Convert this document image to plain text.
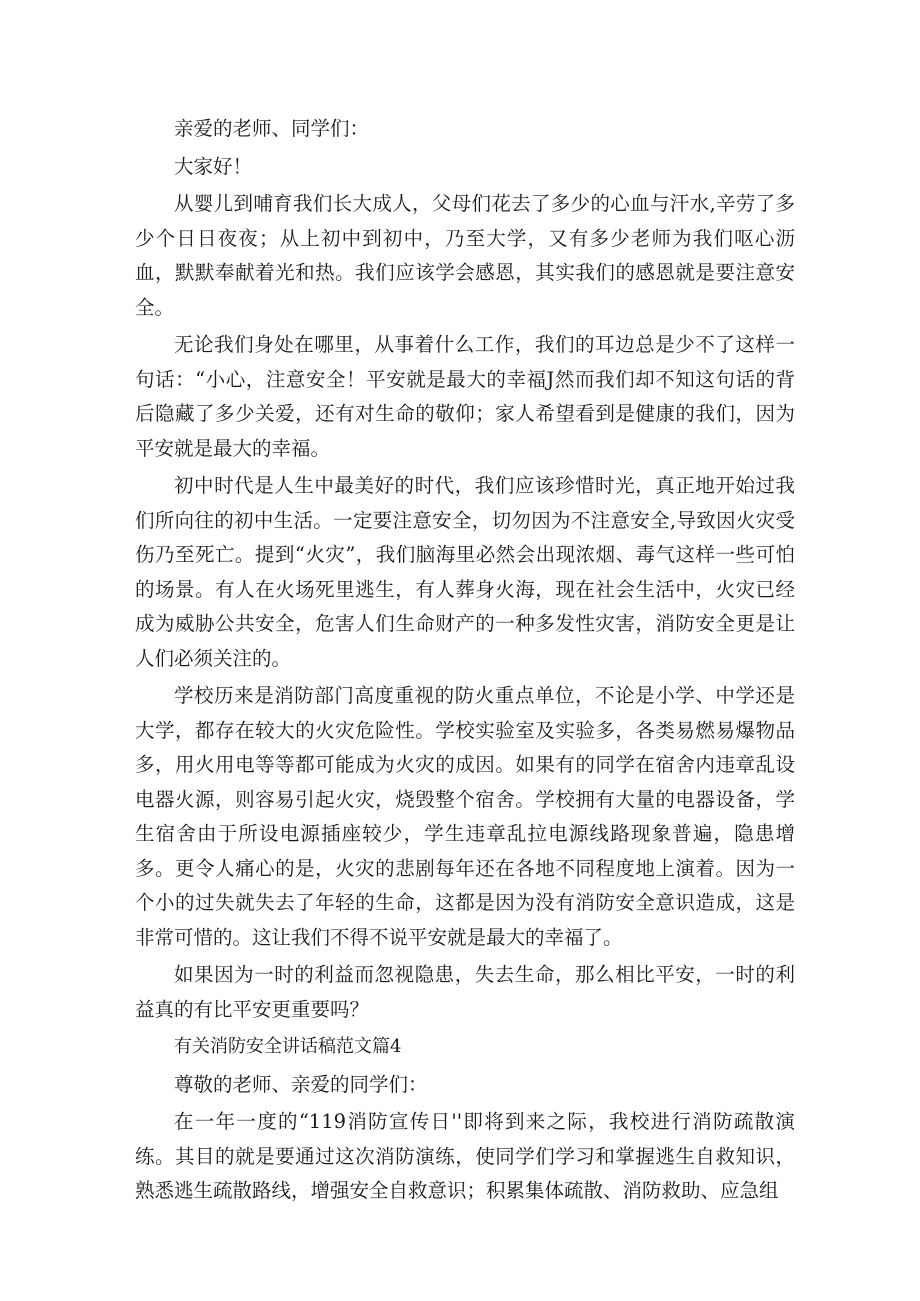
亲爱的老师、同学们：

大家好！

从婴儿到哺育我们长大成人，父母们花去了多少的心血与汗水,辛劳了多少个日日夜夜；从上初中到初中，乃至大学，又有多少老师为我们呕心沥血，默默奉献着光和热。我们应该学会感恩，其实我们的感恩就是要注意安全。

无论我们身处在哪里，从事着什么工作，我们的耳边总是少不了这样一句话：“小心，注意安全！平安就是最大的幸福J然而我们却不知这句话的背后隐藏了多少关爱，还有对生命的敬仰；家人希望看到是健康的我们，因为平安就是最大的幸福。

初中时代是人生中最美好的时代，我们应该珍惜时光，真正地开始过我们所向往的初中生活。一定要注意安全，切勿因为不注意安全,导致因火灾受伤乃至死亡。提到“火灾”，我们脑海里必然会出现浓烟、毒气这样一些可怕的场景。有人在火场死里逃生，有人葬身火海，现在社会生活中，火灾已经成为威胁公共安全，危害人们生命财产的一种多发性灾害，消防安全更是让人们必须关注的。

学校历来是消防部门高度重视的防火重点单位，不论是小学、中学还是大学，都存在较大的火灾危险性。学校实验室及实验多，各类易燃易爆物品多，用火用电等等都可能成为火灾的成因。如果有的同学在宿舍内违章乱设电器火源，则容易引起火灾，烧毁整个宿舍。学校拥有大量的电器设备，学生宿舍由于所设电源插座较少，学生违章乱拉电源线路现象普遍，隐患增多。更令人痛心的是，火灾的悲剧每年还在各地不同程度地上演着。因为一个小的过失就失去了年轻的生命，这都是因为没有消防安全意识造成，这是非常可惜的。这让我们不得不说平安就是最大的幸福了。

如果因为一时的利益而忽视隐患，失去生命，那么相比平安，一时的利益真的有比平安更重要吗？

有关消防安全讲话稿范文篇4

尊敬的老师、亲爱的同学们：

在一年一度的“119消防宣传日''即将到来之际，我校进行消防疏散演练。其目的就是要通过这次消防演练，使同学们学习和掌握逃生自救知识，熟悉逃生疏散路线，增强安全自救意识；积累集体疏散、消防救助、应急组
